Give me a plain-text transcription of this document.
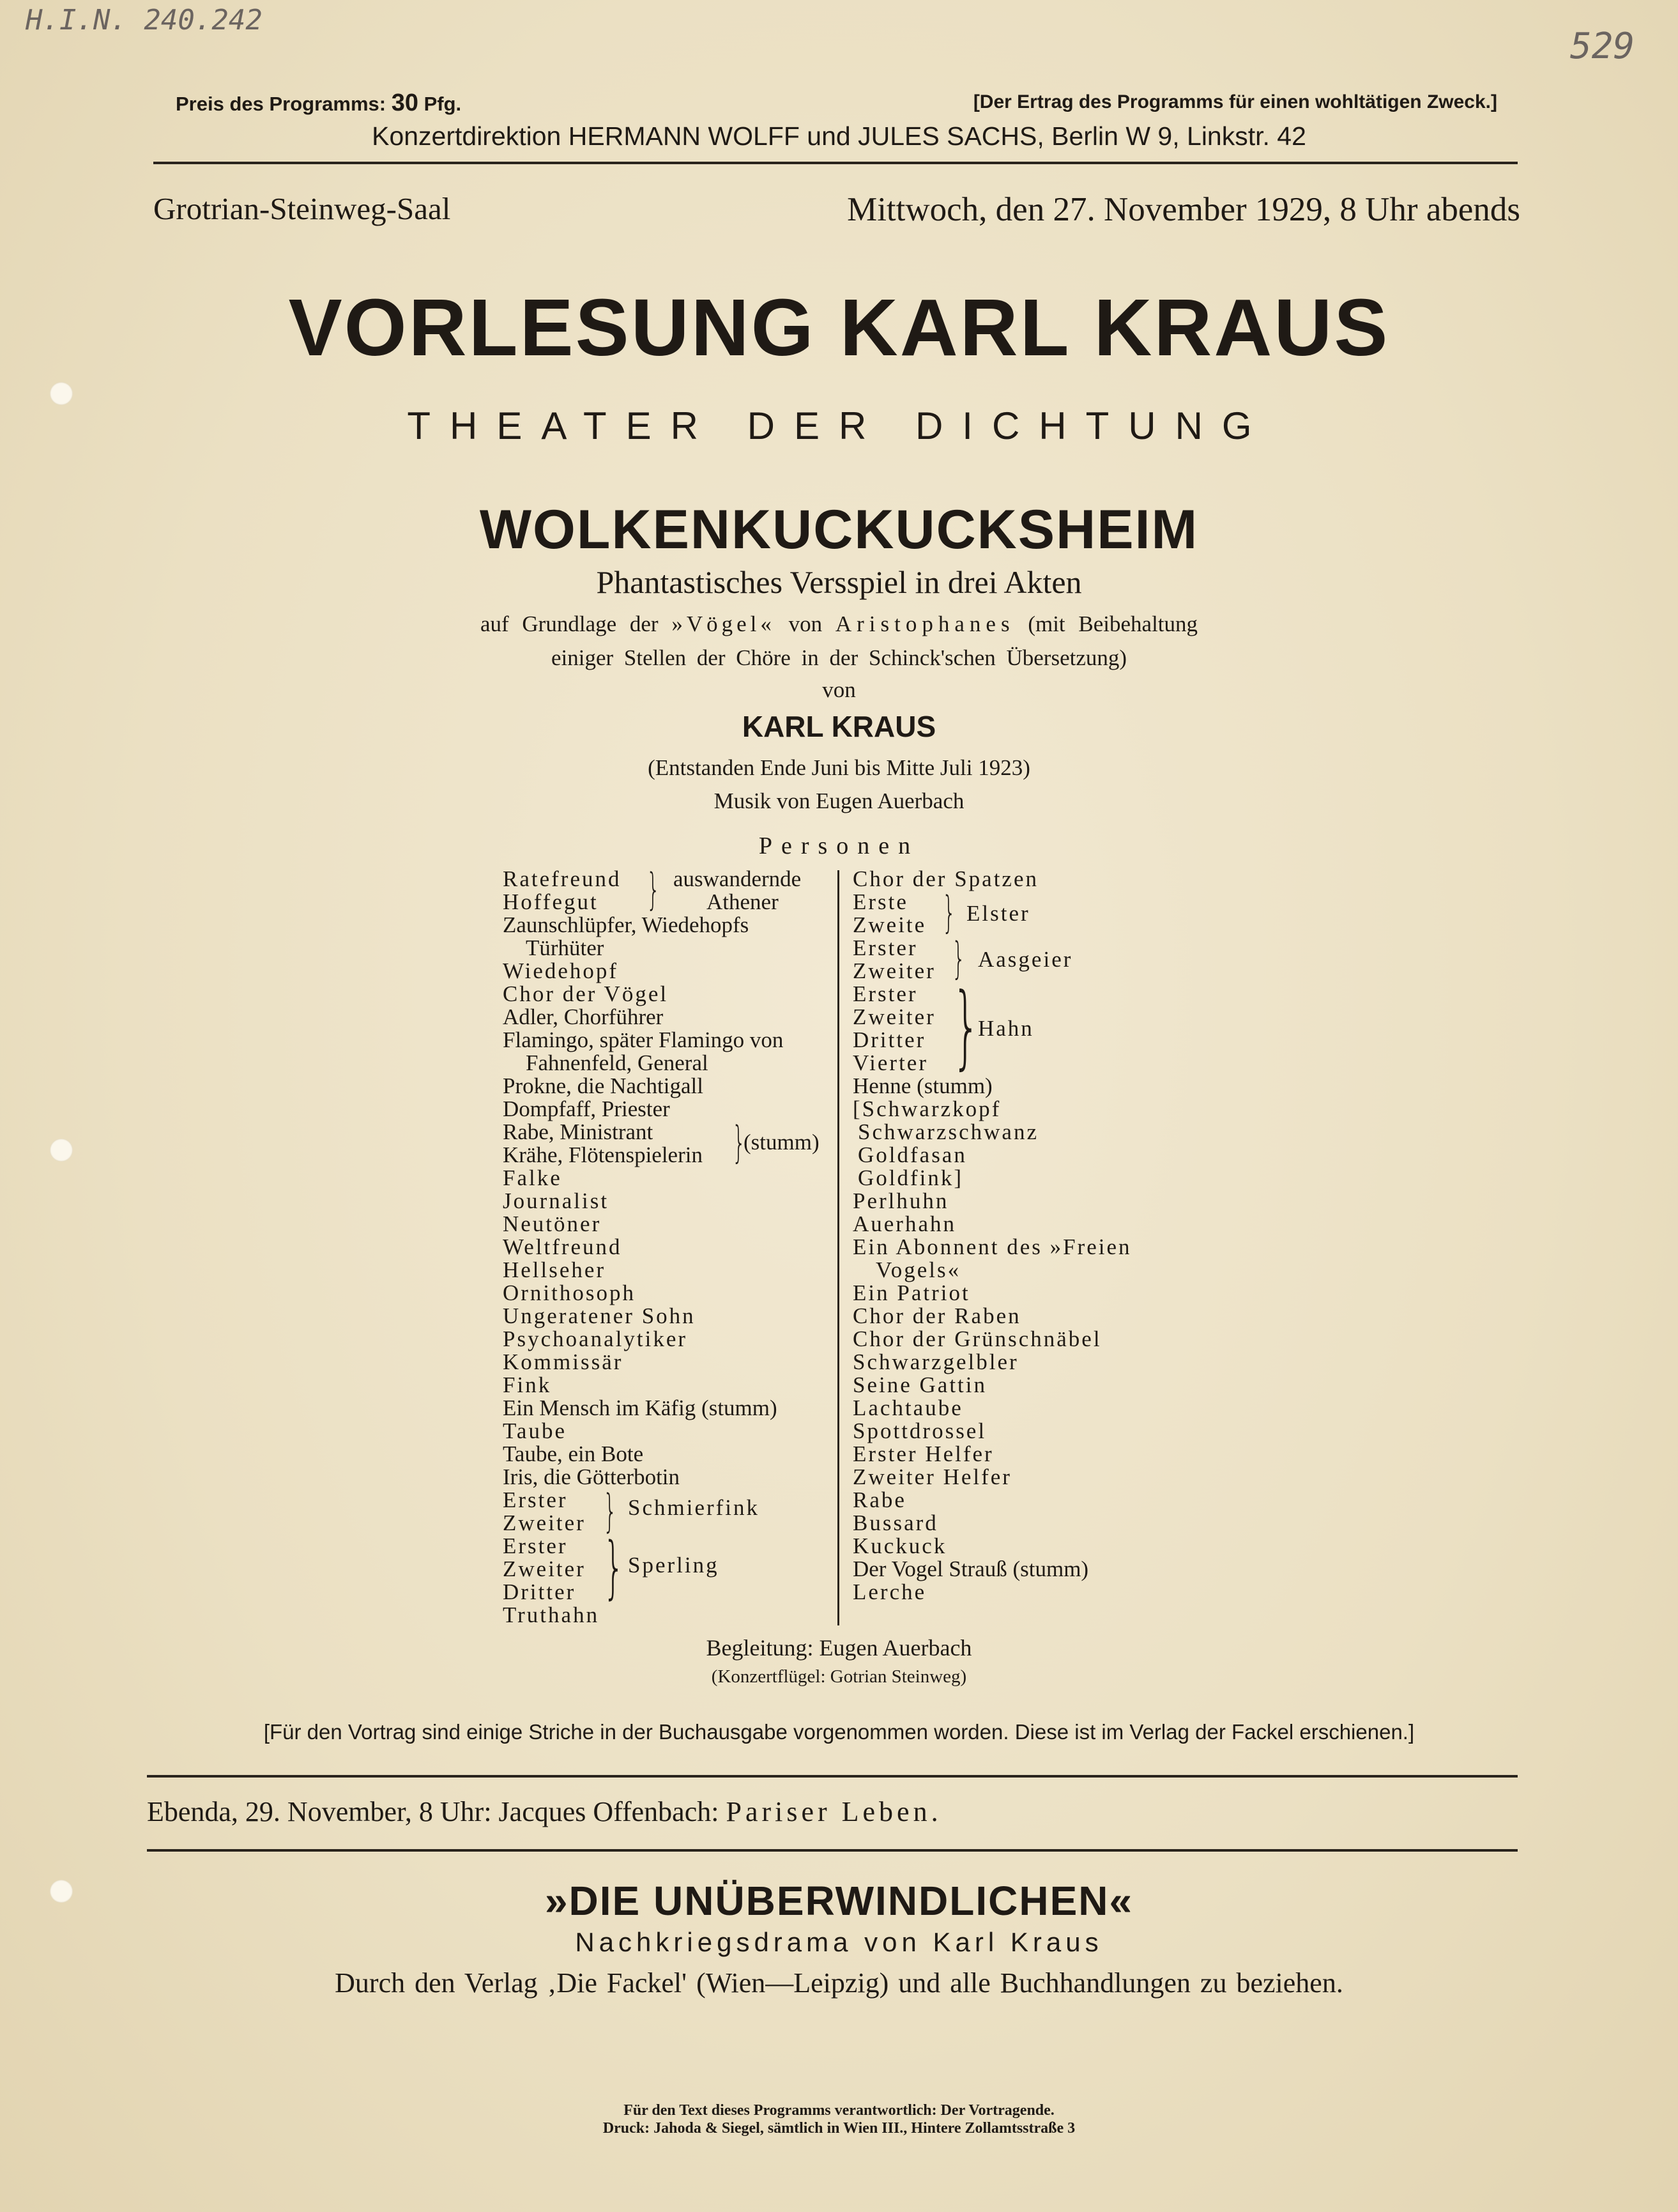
H.I.N. 240.242
529
Preis des Programms: 30 Pfg.	[Der Ertrag des Programms für einen wohltätigen Zweck.]
Konzertdirektion HERMANN WOLFF und JULES SACHS, Berlin W 9, Linkstr. 42
Grotrian-Steinweg-Saal	Mittwoch, den 27. November 1929, 8 Uhr abends
VORLESUNG KARL KRAUS
THEATER DER DICHTUNG
WOLKENKUCKUCKSHEIM
Phantastisches Versspiel in drei Akten
auf Grundlage der »Vögel« von Aristophanes (mit Beibehaltung
einiger Stellen der Chöre in der Schinck'schen Übersetzung)
von
KARL KRAUS
(Entstanden Ende Juni bis Mitte Juli 1923)
Musik von Eugen Auerbach
Personen
Ratefreund auswandernde
}
Hoffegut	Athener
Zaunschlüpfer, Wiedehopfs
Türhüter
Wiedehopf
Chor der Vögel
Adler, Chorführer
Flamingo, später Flamingo von
Fahnenfeld, General
Prokne, die Nachtigall
Dompfaff, Priester
Rabe, Ministrant
Krähe, Flötenspielerin }
(stumm)
Falke
Journalist
Neutöner
Weltfreund
Hellseher
Ornithosoph
Ungeratener Sohn
Psychoanalytiker
Kommissär
Fink
Ein Mensch im Käfig (stumm)
Taube
Taube, ein Bote
Iris, die Götterbotin
Erster
Zweiter } Schmierfink
Erster
Zweiter
Dritter } Sperling
Truthahn
Chor der Spatzen
Erste
Zweite } Elster
Erster
Zweiter } Aasgeier
Erster
Zweiter
Dritter
Vierter }
Hahn
Henne (stumm)
[Schwarzkopf
Schwarzschwanz
Goldfasan
Goldfink]
Perlhuhn
Auerhahn
Ein Abonnent des »Freien
Vogels«
Ein Patriot
Chor der Raben
Chor der Grünschnäbel
Schwarzgelbler
Seine Gattin
Lachtaube
Spottdrossel
Erster Helfer
Zweiter Helfer
Rabe
Bussard
Kuckuck
Der Vogel Strauß (stumm)
Lerche
Begleitung: Eugen Auerbach
(Konzertflügel: Gotrian Steinweg)
[Für den Vortrag sind einige Striche in der Buchausgabe vorgenommen worden. Diese ist im Verlag der Fackel erschienen.]
Ebenda, 29. November, 8 Uhr: Jacques Offenbach: Pariser Leben.
»DIE UNÜBERWINDLICHEN«
Nachkriegsdrama von Karl Kraus
Durch den Verlag ‚Die Fackel' (Wien—Leipzig) und alle Buchhandlungen zu beziehen.
Für den Text dieses Programms verantwortlich: Der Vortragende.
Druck: Jahoda & Siegel, sämtlich in Wien III., Hintere Zollamtsstraße 3
